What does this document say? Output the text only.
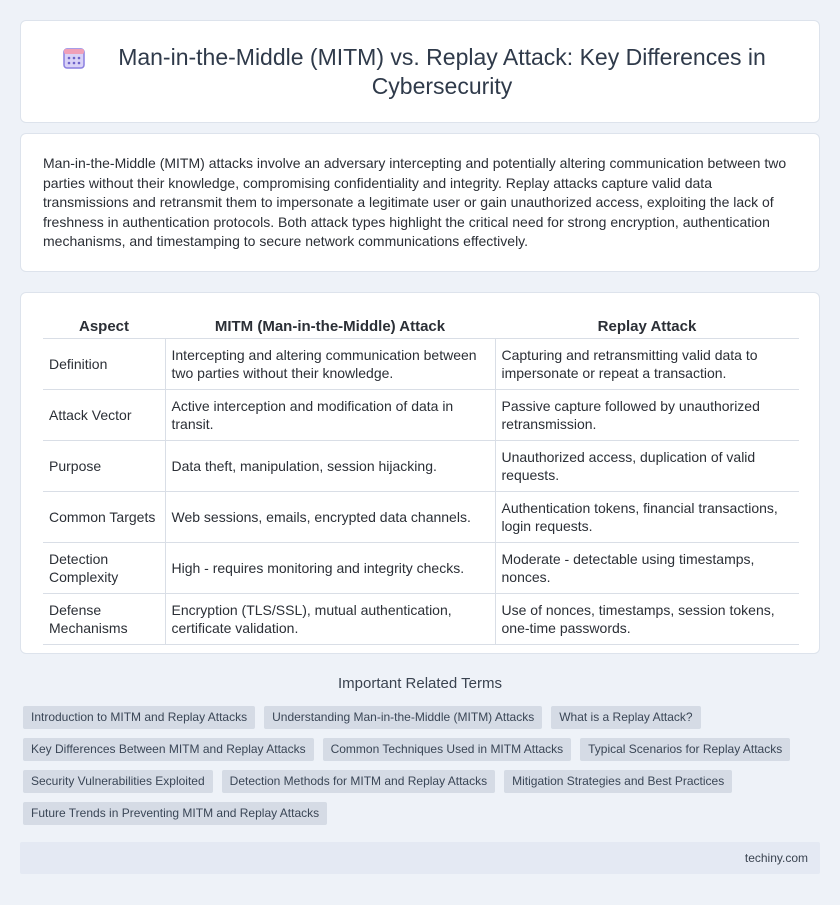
Man-in-the-Middle (MITM) vs. Replay Attack: Key Differences in Cybersecurity

Man-in-the-Middle (MITM) attacks involve an adversary intercepting and potentially altering communication between two parties without their knowledge, compromising confidentiality and integrity. Replay attacks capture valid data transmissions and retransmit them to impersonate a legitimate user or gain unauthorized access, exploiting the lack of freshness in authentication protocols. Both attack types highlight the critical need for strong encryption, authentication mechanisms, and timestamping to secure network communications effectively.

Aspect	MITM (Man-in-the-Middle) Attack	Replay Attack
Definition	Intercepting and altering communication between two parties without their knowledge.	Capturing and retransmitting valid data to impersonate or repeat a transaction.
Attack Vector	Active interception and modification of data in transit.	Passive capture followed by unauthorized retransmission.
Purpose	Data theft, manipulation, session hijacking.	Unauthorized access, duplication of valid requests.
Common Targets	Web sessions, emails, encrypted data channels.	Authentication tokens, financial transactions, login requests.
Detection Complexity	High - requires monitoring and integrity checks.	Moderate - detectable using timestamps, nonces.
Defense Mechanisms	Encryption (TLS/SSL), mutual authentication, certificate validation.	Use of nonces, timestamps, session tokens, one-time passwords.
Important Related Terms
Introduction to MITM and Replay Attacks	Understanding Man-in-the-Middle (MITM) Attacks	What is a Replay Attack?
Key Differences Between MITM and Replay Attacks	Common Techniques Used in MITM Attacks	Typical Scenarios for Replay Attacks
Security Vulnerabilities Exploited	Detection Methods for MITM and Replay Attacks	Mitigation Strategies and Best Practices
Future Trends in Preventing MITM and Replay Attacks
techiny.com
